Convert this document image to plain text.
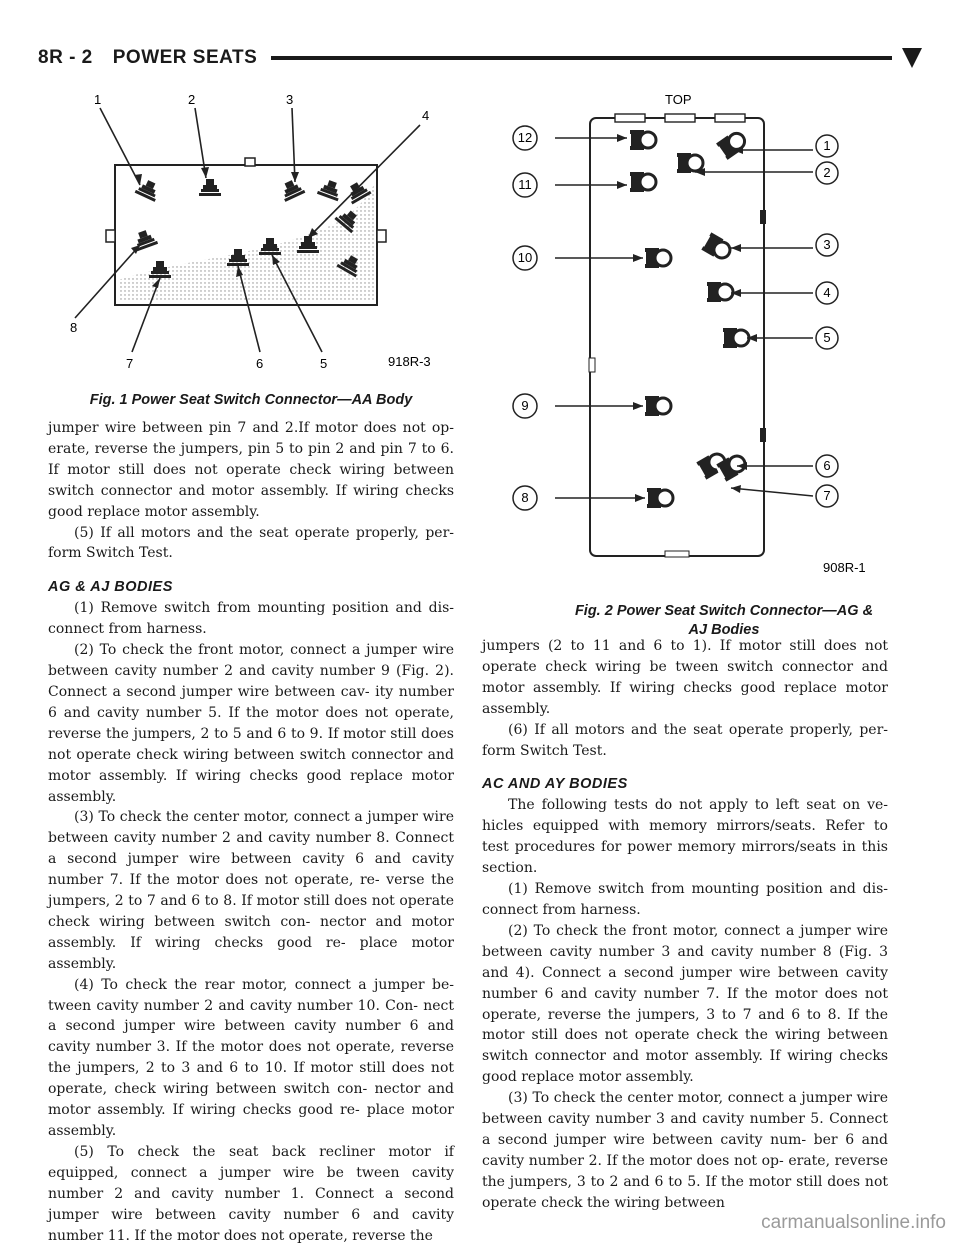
8R - 2 POWER SEATS
1	2	3
4
8
7	6	5	918R-3
Fig. 1 Power Seat Switch Connector—AA Body
TOP
1
2
3
4
5
6
7
12
11
10
9
8
908R-1
Fig. 2 Power Seat Switch Connector—AG & AJ Bodies

jumper wire between pin 7 and 2.If motor does not op- erate, reverse the jumpers, pin 5 to pin 2 and pin 7 to 6. If motor still does not operate check wiring between switch connector and motor assembly. If wiring checks good replace motor assembly.

(5) If all motors and the seat operate properly, per- form Switch Test.

AG & AJ BODIES

(1) Remove switch from mounting position and dis- connect from harness.

(2) To check the front motor, connect a jumper wire between cavity number 2 and cavity number 9 (Fig. 2). Connect a second jumper wire between cav- ity number 6 and cavity number 5. If the motor does not operate, reverse the jumpers, 2 to 5 and 6 to 9. If motor still does not operate check wiring between switch connector and motor assembly. If wiring checks good replace motor assembly.

(3) To check the center motor, connect a jumper wire between cavity number 2 and cavity number 8. Connect a second jumper wire between cavity 6 and cavity number 7. If the motor does not operate, re- verse the jumpers, 2 to 7 and 6 to 8. If motor still does not operate check wiring between switch con- nector and motor assembly. If wiring checks good re- place motor assembly.

(4) To check the rear motor, connect a jumper be- tween cavity number 2 and cavity number 10. Con- nect a second jumper wire between cavity number 6 and cavity number 3. If the motor does not operate, reverse the jumpers, 2 to 3 and 6 to 10. If motor still does not operate, check wiring between switch con- nector and motor assembly. If wiring checks good re- place motor assembly.

(5) To check the seat back recliner motor if equipped, connect a jumper wire be tween cavity number 2 and cavity number 1. Connect a second jumper wire between cavity number 6 and cavity number 11. If the motor does not operate, reverse the

jumpers (2 to 11 and 6 to 1). If motor still does not operate check wiring be tween switch connector and motor assembly. If wiring checks good replace motor assembly.

(6) If all motors and the seat operate properly, per- form Switch Test.

AC AND AY BODIES

The following tests do not apply to left seat on ve- hicles equipped with memory mirrors/seats. Refer to test procedures for power memory mirrors/seats in this section.

(1) Remove switch from mounting position and dis- connect from harness.

(2) To check the front motor, connect a jumper wire between cavity number 3 and cavity number 8 (Fig. 3 and 4). Connect a second jumper wire between cavity number 6 and cavity number 7. If the motor does not operate, reverse the jumpers, 3 to 7 and 6 to 8. If the motor still does not operate check the wiring between switch connector and motor assembly. If wiring checks good replace motor assembly.

(3) To check the center motor, connect a jumper wire between cavity number 3 and cavity number 5. Connect a second jumper wire between cavity num- ber 6 and cavity number 2. If the motor does not op- erate, reverse the jumpers, 3 to 2 and 6 to 5. If the motor still does not operate check the wiring between

carmanualsonline.info
